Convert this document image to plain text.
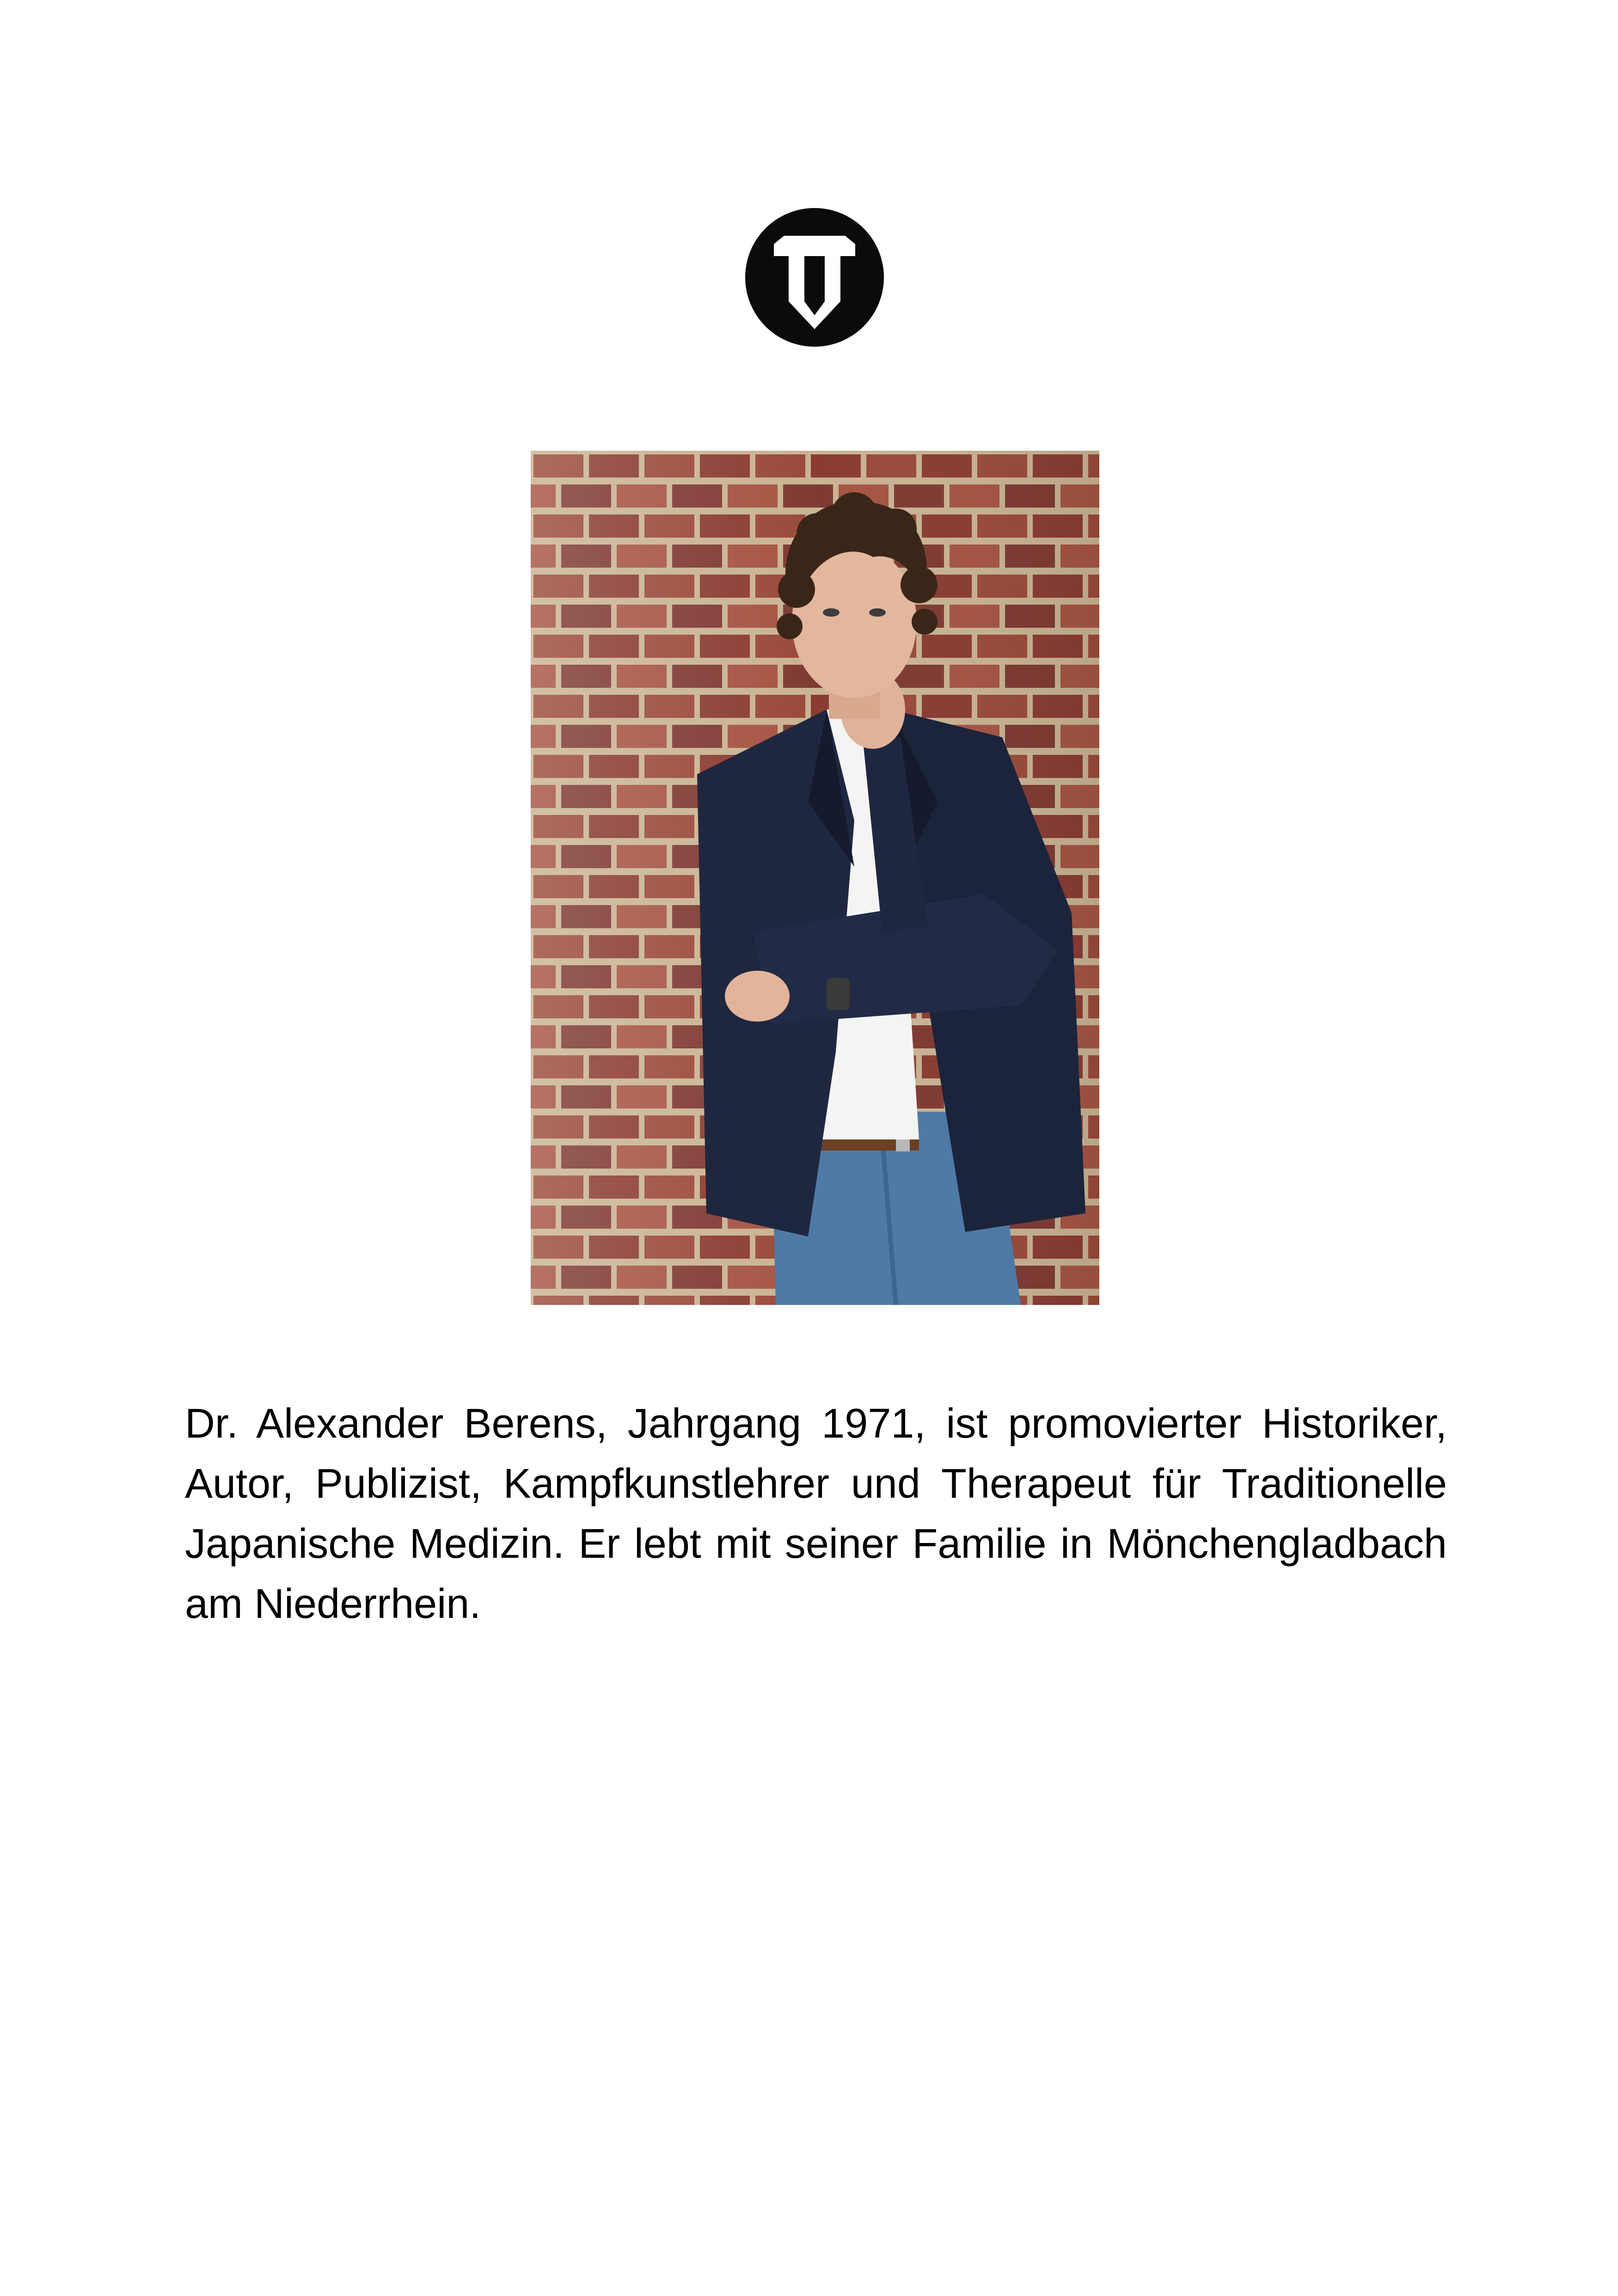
Dr. Alexander Berens, Jahrgang 1971, ist promovierter Historiker, Autor, Publizist, Kampfkunstlehrer und Therapeut für Traditionelle Japanische Medizin. Er lebt mit seiner Familie in Mönchengladbach am Niederrhein.
